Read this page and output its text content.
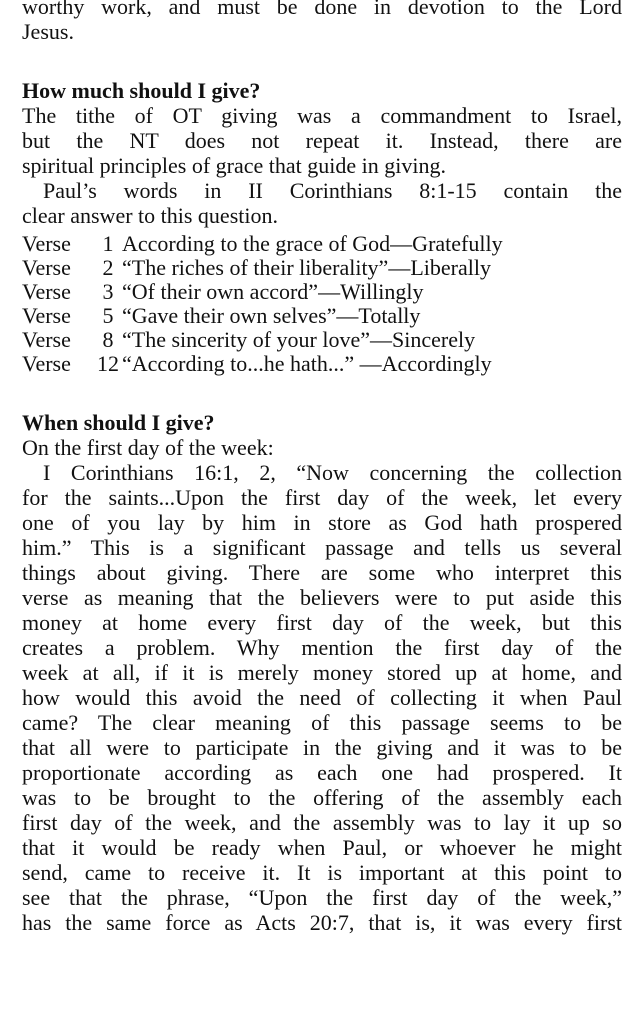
worthy work, and must be done in devotion to the Lord
Jesus.
How much should I give?
The tithe of OT giving was a commandment to Israel,
but the NT does not repeat it. Instead, there are
spiritual principles of grace that guide in giving.
Paul’s words in II Corinthians 8:1-15 contain the
clear answer to this question.
Verse	1 According to the grace of God—Gratefully
Verse	2 “The riches of their liberality”—Liberally
Verse	3 “Of their own accord”—Willingly
Verse	5 “Gave their own selves”—Totally
Verse	8 “The sincerity of your love”—Sincerely
Verse	12 “According to...he hath...” —Accordingly
When should I give?
On the first day of the week:
I Corinthians 16:1, 2, “Now concerning the collection
for the saints...Upon the first day of the week, let every
one of you lay by him in store as God hath prospered
him.” This is a significant passage and tells us several
things about giving. There are some who interpret this
verse as meaning that the believers were to put aside this
money at home every first day of the week, but this
creates a problem. Why mention the first day of the
week at all, if it is merely money stored up at home, and
how would this avoid the need of collecting it when Paul
came? The clear meaning of this passage seems to be
that all were to participate in the giving and it was to be
proportionate according as each one had prospered. It
was to be brought to the offering of the assembly each
first day of the week, and the assembly was to lay it up so
that it would be ready when Paul, or whoever he might
send, came to receive it. It is important at this point to
see that the phrase, “Upon the first day of the week,”
has the same force as Acts 20:7, that is, it was every first
